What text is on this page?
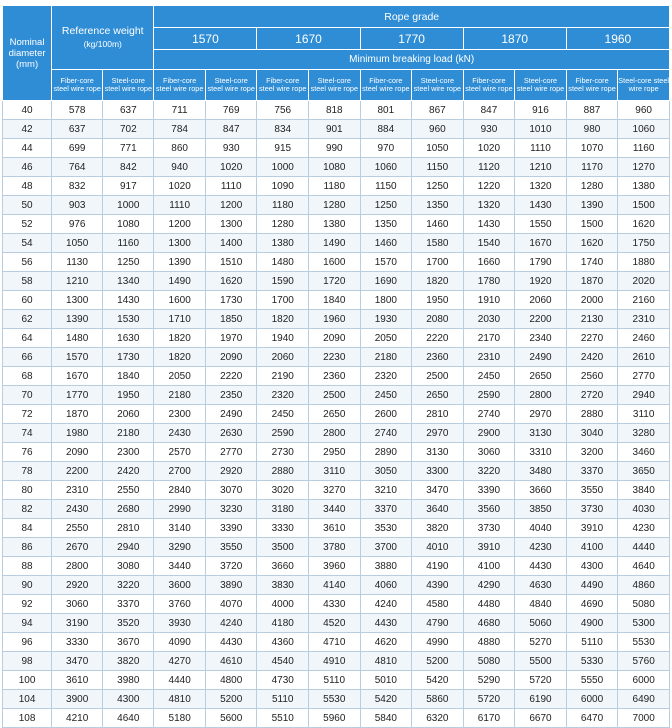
Nominal diameter (mm)	Reference weight
(kg/100m)		Rope grade									
			1570		1670		1770		1870		1960	
			Minimum breaking load (kN)									
	Fiber-core steel wire rope	Steel-core steel wire rope	Fiber-core steel wire rope	Steel-core steel wire rope	Fiber-core steel wire rope	Steel-core steel wire rope	Fiber-core steel wire rope	Steel-core steel wire rope	Fiber-core steel wire rope	Steel-core steel wire rope	Fiber-core steel wire rope	Steel-core steel wire rope
40	578	637	711	769	756	818	801	867	847	916	887	960
42	637	702	784	847	834	901	884	960	930	1010	980	1060
44	699	771	860	930	915	990	970	1050	1020	1110	1070	1160
46	764	842	940	1020	1000	1080	1060	1150	1120	1210	1170	1270
48	832	917	1020	1110	1090	1180	1150	1250	1220	1320	1280	1380
50	903	1000	1110	1200	1180	1280	1250	1350	1320	1430	1390	1500
52	976	1080	1200	1300	1280	1380	1350	1460	1430	1550	1500	1620
54	1050	1160	1300	1400	1380	1490	1460	1580	1540	1670	1620	1750
56	1130	1250	1390	1510	1480	1600	1570	1700	1660	1790	1740	1880
58	1210	1340	1490	1620	1590	1720	1690	1820	1780	1920	1870	2020
60	1300	1430	1600	1730	1700	1840	1800	1950	1910	2060	2000	2160
62	1390	1530	1710	1850	1820	1960	1930	2080	2030	2200	2130	2310
64	1480	1630	1820	1970	1940	2090	2050	2220	2170	2340	2270	2460
66	1570	1730	1820	2090	2060	2230	2180	2360	2310	2490	2420	2610
68	1670	1840	2050	2220	2190	2360	2320	2500	2450	2650	2560	2770
70	1770	1950	2180	2350	2320	2500	2450	2650	2590	2800	2720	2940
72	1870	2060	2300	2490	2450	2650	2600	2810	2740	2970	2880	3110
74	1980	2180	2430	2630	2590	2800	2740	2970	2900	3130	3040	3280
76	2090	2300	2570	2770	2730	2950	2890	3130	3060	3310	3200	3460
78	2200	2420	2700	2920	2880	3110	3050	3300	3220	3480	3370	3650
80	2310	2550	2840	3070	3020	3270	3210	3470	3390	3660	3550	3840
82	2430	2680	2990	3230	3180	3440	3370	3640	3560	3850	3730	4030
84	2550	2810	3140	3390	3330	3610	3530	3820	3730	4040	3910	4230
86	2670	2940	3290	3550	3500	3780	3700	4010	3910	4230	4100	4440
88	2800	3080	3440	3720	3660	3960	3880	4190	4100	4430	4300	4640
90	2920	3220	3600	3890	3830	4140	4060	4390	4290	4630	4490	4860
92	3060	3370	3760	4070	4000	4330	4240	4580	4480	4840	4690	5080
94	3190	3520	3930	4240	4180	4520	4430	4790	4680	5060	4900	5300
96	3330	3670	4090	4430	4360	4710	4620	4990	4880	5270	5110	5530
98	3470	3820	4270	4610	4540	4910	4810	5200	5080	5500	5330	5760
100	3610	3980	4440	4800	4730	5110	5010	5420	5290	5720	5550	6000
104	3900	4300	4810	5200	5110	5530	5420	5860	5720	6190	6000	6490
108	4210	4640	5180	5600	5510	5960	5840	6320	6170	6670	6470	7000
